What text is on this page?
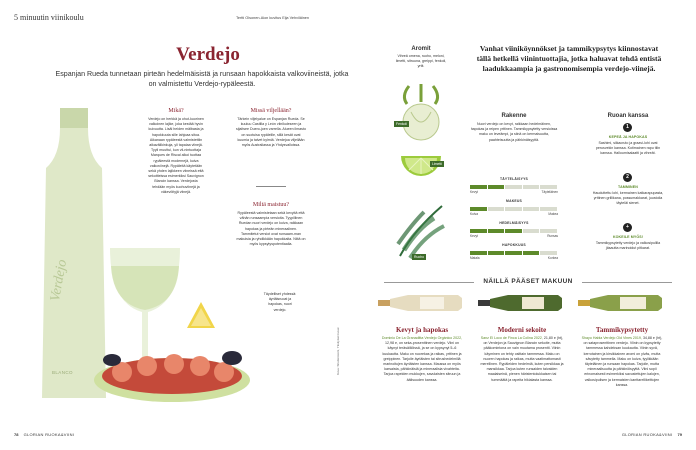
5 minuutin viinikoulu	Tertti Olsonen-Aion kuvitus Eija Vehviläinen
Verdejo
Espanjan Rueda tunnetaan pirteän hedelmäisistä ja runsaan hapokkaista valkoviineistä, jotka on valmistettu Verdejo-rypäleestä.
Verdejo
BLANCO
Täydelliset yhdessä: äyriäisruoat ja hapokas, nuori verdejo.
Kuva: Shutterstock, Yksityiset kuvat
Mikä?
Verdejo on herkkä ja ohut-kuorinen valkoinen lajike, joka kestää hyvin kuivuutta. Lisäl heiden mälbasta ja hapokkuuta sille lahjoaa sitoa. Aikanaan rypäleestä valmistettiin aikavälikinkuja, yli tapaiaa viinejä. Tyyli muuttui, kun vii-nintuottaja Marques de Riscal alkoi tuottaa rypäleestä modernejä, kuiva valkoviinejä. Rypäleitä käytetään sekä yhden lajikkeen viineissä että sekoitteissa esimerkiksi Sauvignon Blancin kanssa. Verdejosta tehdään myös kuohuviinejä ja väkevöityjä viinejä.
Missä viljellään?
Tärkein viljelyalue on Espanjan Rueda. Se kuuluu Castilla y León viinikuleseen ja sijaitsee Duero-joen varrella. Alueen ilmasto on suotuisa rypäleille, sillä kesät ovat kuumia ja talvet kylmiä. Verdejoa viljellään myös Australiassa ja Yhdysvalloissa.
Miltä maistuu?
Rypäleestä valmistetaan sekä kevyitä että vähän runsaampia versioita. Tyypillinen Ruedan nuori verdejo on kuiva, raikkaan hapokas ja pirteän mineraalinen. Tammitetut versiot ovat runsaam-man makuisia ja ryhdikkään hapokkaita. Niitä on myös kypsytyspotentiaalia.
Aromit
Vihreä omena, ruoho, meloni, limetti, sitruuna, greippi, fenkoli, yrtit.
Fenkoli
Limetti
Ruoho
Vanhat viiniköynnökset ja tammikypsytys kiinnostavat tällä hetkellä viinintuottajia, jotka haluavat tehdä entistä laadukkaampia ja gastronomisempia verdejo-viinejä.
Rakenne
Nuori verdejo on kevyt, raikkaan hedelmäinen, hapokas ja reipen yrttinen. Tammikypsytetty versioissa maku on leveämpi, ja siinä on kermaisuutta, paahteisuutta ja pähkinäisyyttä.
TÄYTELÄISYYS
Kevyt	Täyteläinen
MAKEUS
Kuiva	Makea
HEDELMÄISYYS
Kevyt	Runsas
HAPOKKUUS
Matala	Korkea
Ruoan kanssa
1
KEPEÄ JA HAPOKAS
Sashimi, siikacruto ja graavi-lohi ovat perusvekin kanssa. Kotimainen rapu tilin kanssa. Halloumisalaatti ja vihreät.
2
TAMMINEN
Hauduttettu lohi, kermainen katkarapupasta, yrttinen grillikana, possumakkarat, juustoila täyteläi sienet.
+
KOKEILE MYÖS!
Tammikypsytetty verdejo ja valkosipulilla jäsautta marinoidut pitkarat.
NÄILLÄ PÄÄSET MAKUUN
Kevyt ja hapokas
Dominio De La Granaditta Verdejo Orgánico 2022, 12,98 e, on seka-prosenttinen verdejo. Viini on käynyt teräsäiliöissä, ja se on kypsynyt 5–6 kuukautta. Maku on nuorekas ja raikas, yrttinen ja greippinen. Tarjoile äyriäisten tai sitrushedelmillä marinoitujen äyriäisten kanssa. Maussa on myös karsaista, pähkinäisiä ja mineraalisia vivahteita. Tarjoa rapeiden mukkujen, savulaisten sitruun ja äälisuuden kanssa.
Moderni sekoite
Sanz El Loco de Finca La Colina 2022, 21,80 e (ht), on Verdejon ja Sauvignon Blancin sekoite, mutta pääkomintona on vain muutama prosentti. Viinin käyminen on tehty osittain tammessa. Maku on nuoren hapokas ja raikas, mutta vaatimattomasti merellinen. Rypäleiden hedelmiä, kuten persikkaa ja mansikkaa. Tarjoa kuten runsaiden taivaiden maalaiseinä, pienen häristentolukkaisen tai tummäätä ja rapeita hikialasta kanssa.
Tammikypsytetty
Shayo Habla Verdejo Old Vines 2019, 34,88 e (ht), on sataprosenttinen verdejo. Viinin on kypsytetty tammessa kahdeksan kuukautta. Viinin syvä, kerrotainen ja kirsikkainen aromi on ylväs, mutta sävytetty tammella. Maku on kuiva, tyylikkään täyteläinen ja runsaan hapokas. Tarjoile, mutta mineraalisuutta ja pähkinöisyyttä. Viini sopii erinomaisesti esimerkiksi savustettujen kalojen, valkosipulisen ja kermaisten kanttarellikeittojen kanssa.
78 GLORIAN RUOKA&VIINI	GLORIAN RUOKA&VIINI 79
